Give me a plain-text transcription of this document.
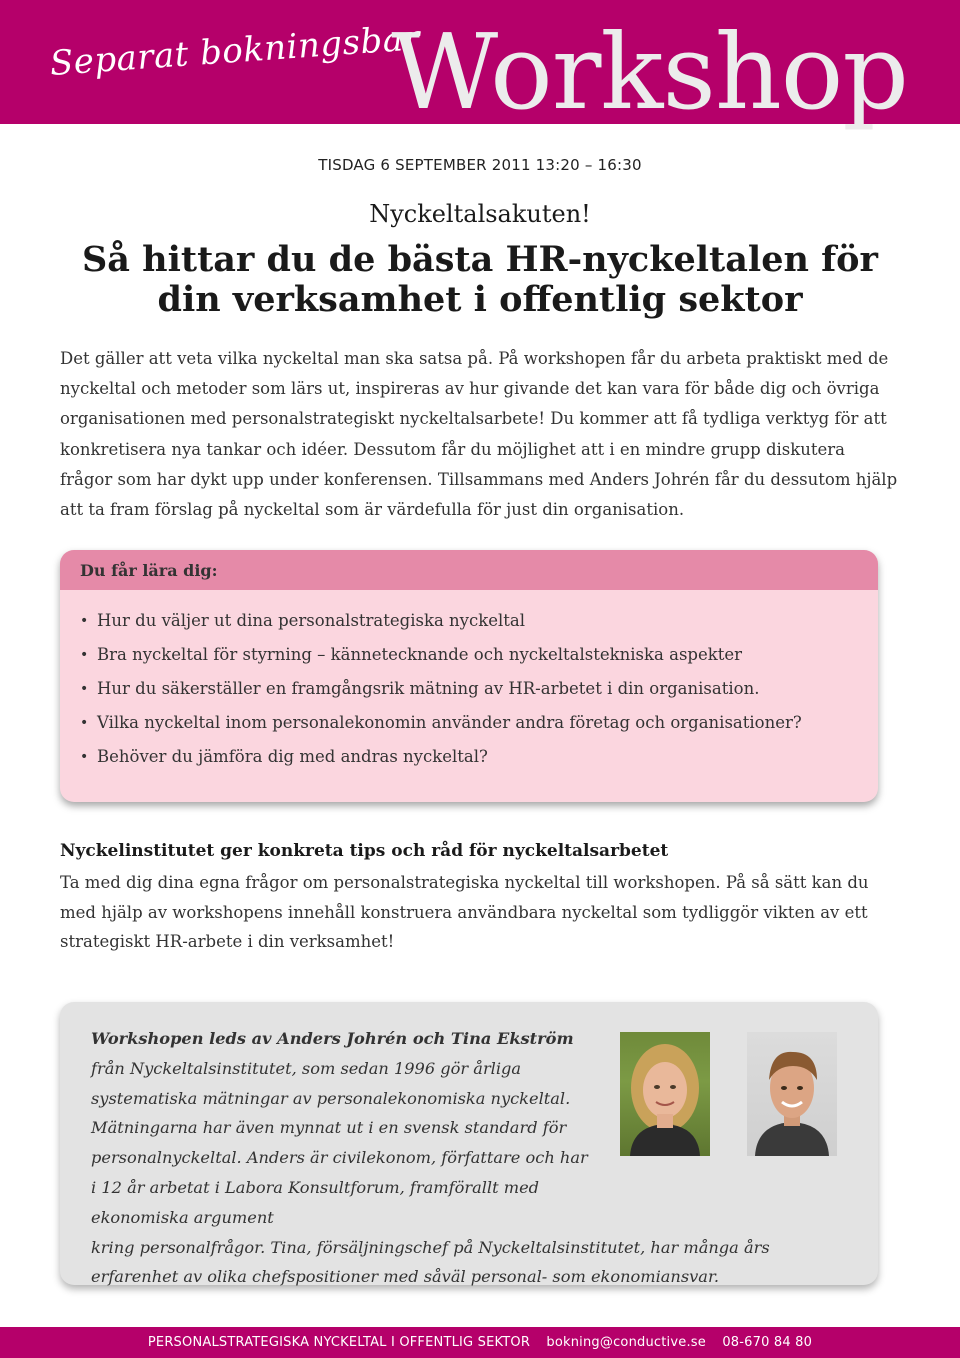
Separat bokningsbar
Workshop
TISDAG 6 SEPTEMBER 2011 13:20 – 16:30
Nyckeltalsakuten!
Så hittar du de bästa HR-nyckeltalen för din verksamhet i offentlig sektor

Det gäller att veta vilka nyckeltal man ska satsa på. På workshopen får du arbeta praktiskt med de nyckeltal och metoder som lärs ut, inspireras av hur givande det kan vara för både dig och övriga organisationen med personalstrategiskt nyckeltalsarbete! Du kommer att få tydliga verktyg för att konkretisera nya tankar och idéer. Dessutom får du möjlighet att i en mindre grupp diskutera frågor som har dykt upp under konferensen. Tillsammans med Anders Johrén får du dessutom hjälp att ta fram förslag på nyckeltal som är värdefulla för just din organisation.

Du får lära dig:
• Hur du väljer ut dina personalstrategiska nyckeltal
• Bra nyckeltal för styrning – kännetecknande och nyckeltalstekniska aspekter
• Hur du säkerställer en framgångsrik mätning av HR-arbetet i din organisation.
• Vilka nyckeltal inom personalekonomin använder andra företag och organisationer?
• Behöver du jämföra dig med andras nyckeltal?
Nyckelinstitutet ger konkreta tips och råd för nyckeltalsarbetet

Ta med dig dina egna frågor om personalstrategiska nyckeltal till workshopen. På så sätt kan du med hjälp av workshopens innehåll konstruera användbara nyckeltal som tydliggör vikten av ett strategiskt HR-arbete i din verksamhet!

Workshopen leds av Anders Johrén och Tina Ekström från Nyckeltalsinstitutet, som sedan 1996 gör årliga systematiska mätningar av personalekonomiska nyckeltal. Mätningarna har även mynnat ut i en svensk standard för personalnyckeltal. Anders är civilekonom, författare och har i 12 år arbetat i Labora Konsultforum, framförallt med ekonomiska argument
kring personalfrågor. Tina, försäljningschef på Nyckeltalsinstitutet, har många års erfarenhet av olika chefspositioner med såväl personal- som ekonomiansvar.
PERSONALSTRATEGISKA NYCKELTAL I OFFENTLIG SEKTOR bokning@conductive.se 08-670 84 80
